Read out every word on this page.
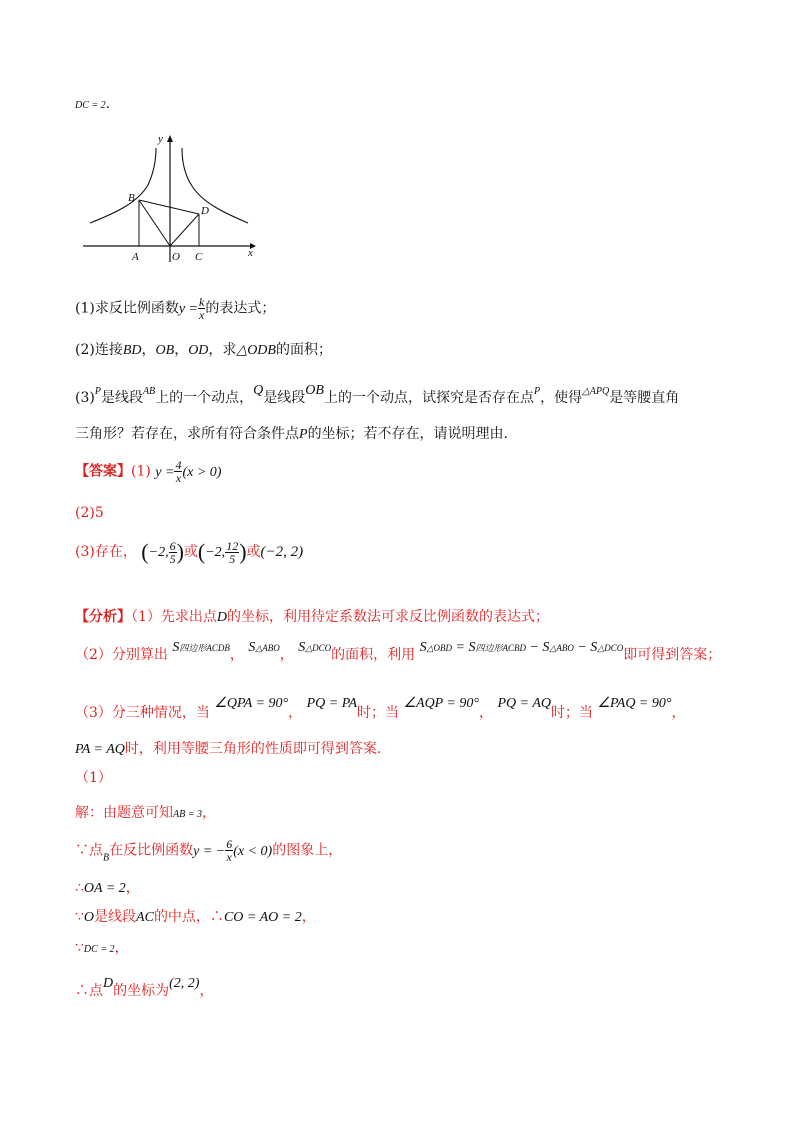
DC = 2.
y
B
D
A	O C	x
(1)求反比例函数$y = \frac{k}{x}$ 的表达式；
(2)连接BD，OB，OD，求△ODB的面积；
$(3)^P$是线段$^{AB}$上的一个动点，Q是线段OB上的一个动点，试探究是否存在点$^P$，使得$^{\triangle APQ}$是等腰直角
三角形？若存在，求所有符合条件点P的坐标；若不存在，请说明理由.
【答案】(1) $y = \frac{4}{x} (x > 0)$
(2)5
(3)存在， (−2, $\frac{6}{5}$ )或(−2, $\frac{12}{5}$ )或(−2, 2)
【分析】（1）先求出点D的坐标，利用待定系数法可求反比例函数的表达式；
（2）分别算出 S四边形ACDB， S△ABO， S△DCO的面积，利用 S△OBD = S四边形ACBD − S△ABO − S△DCO即可得到答案；
（3）分三种情况，当 ∠QPA = 90°， PQ = PA时；当 ∠AQP = 90°， PQ = AQ时；当 ∠PAQ = 90°，
PA = AQ时，利用等腰三角形的性质即可得到答案.
（1）
解：由题意可知AB = 3，
∵点$_B$在反比例函数y = − $\frac{6}{x} (x < 0)$的图象上，
∴OA = 2，
∵O是线段AC的中点，∴CO = AO = 2，
∵DC = 2，
∴点D的坐标为(2, 2)，
